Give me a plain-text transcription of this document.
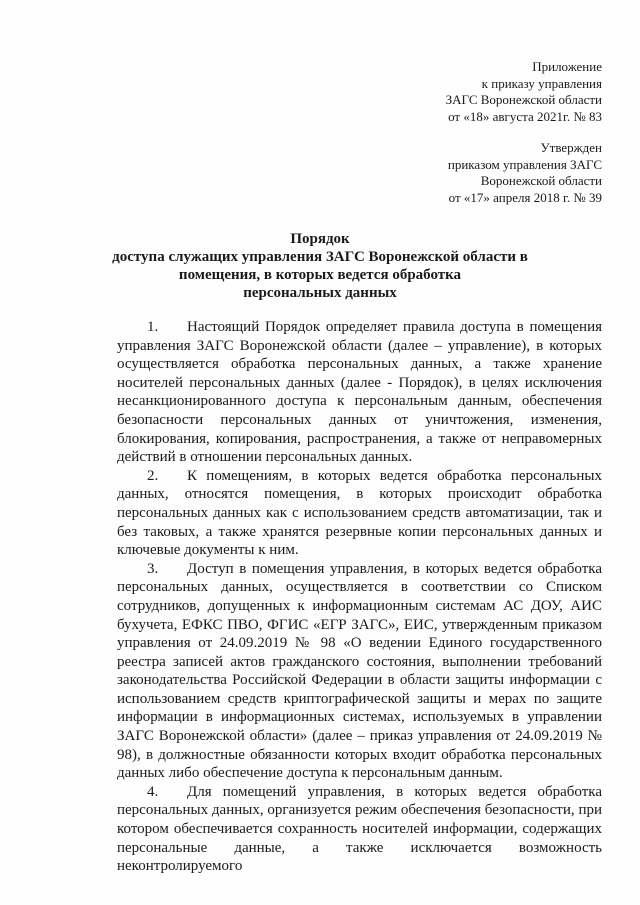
Приложение
к приказу управления
ЗАГС Воронежской области
от «18» августа 2021г. № 83
Утвержден
приказом управления ЗАГС
Воронежской области
от «17» апреля 2018 г. № 39
Порядок
доступа служащих управления ЗАГС Воронежской области в
помещения, в которых ведется обработка
персональных данных

1. Настоящий Порядок определяет правила доступа в помещения управления ЗАГС Воронежской области (далее – управление), в которых осуществляется обработка персональных данных, а также хранение носителей персональных данных (далее - Порядок), в целях исключения несанкционированного доступа к персональным данным, обеспечения безопасности персональных данных от уничтожения, изменения, блокирования, копирования, распространения, а также от неправомерных действий в отношении персональных данных.

2. К помещениям, в которых ведется обработка персональных данных, относятся помещения, в которых происходит обработка персональных данных как с использованием средств автоматизации, так и без таковых, а также хранятся резервные копии персональных данных и ключевые документы к ним.

3. Доступ в помещения управления, в которых ведется обработка персональных данных, осуществляется в соответствии со Списком сотрудников, допущенных к информационным системам АС ДОУ, АИС бухучета, ЕФКС ПВО, ФГИС «ЕГР ЗАГС», ЕИС, утвержденным приказом управления от 24.09.2019 № 98 «О ведении Единого государственного реестра записей актов гражданского состояния, выполнении требований законодательства Российской Федерации в области защиты информации с использованием средств криптографической защиты и мерах по защите информации в информационных системах, используемых в управлении ЗАГС Воронежской области» (далее – приказ управления от 24.09.2019 № 98), в должностные обязанности которых входит обработка персональных данных либо обеспечение доступа к персональным данным.

4. Для помещений управления, в которых ведется обработка персональных данных, организуется режим обеспечения безопасности, при котором обеспечивается сохранность носителей информации, содержащих персональные данные, а также исключается возможность неконтролируемого
